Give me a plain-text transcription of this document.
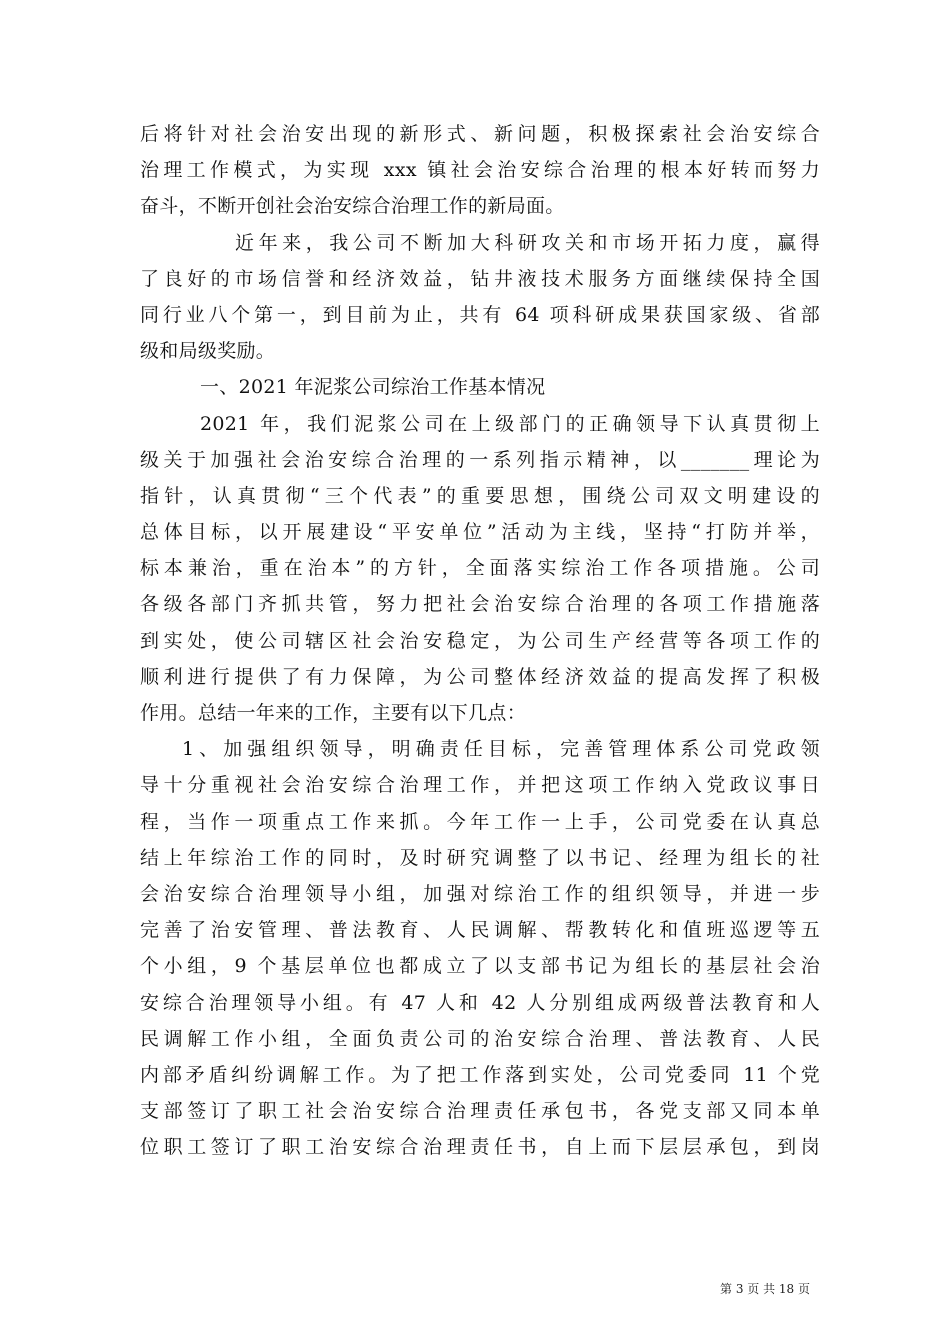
后将针对社会治安出现的新形式、新问题，积极探索社会治安综合
治理工作模式，为实现 xxx 镇社会治安综合治理的根本好转而努力
奋斗，不断开创社会治安综合治理工作的新局面。
近年来，我公司不断加大科研攻关和市场开拓力度，赢得
了良好的市场信誉和经济效益，钻井液技术服务方面继续保持全国
同行业八个第一，到目前为止，共有 64 项科研成果获国家级、省部
级和局级奖励。
一、2021 年泥浆公司综治工作基本情况
2021 年，我们泥浆公司在上级部门的正确领导下认真贯彻上
级关于加强社会治安综合治理的一系列指示精神，以_______理论为
指针，认真贯彻“三个代表”的重要思想，围绕公司双文明建设的
总体目标，以开展建设“平安单位”活动为主线，坚持“打防并举，
标本兼治，重在治本”的方针，全面落实综治工作各项措施。公司
各级各部门齐抓共管，努力把社会治安综合治理的各项工作措施落
到实处，使公司辖区社会治安稳定，为公司生产经营等各项工作的
顺利进行提供了有力保障，为公司整体经济效益的提高发挥了积极
作用。总结一年来的工作，主要有以下几点：
1、加强组织领导，明确责任目标，完善管理体系公司党政领
导十分重视社会治安综合治理工作，并把这项工作纳入党政议事日
程，当作一项重点工作来抓。今年工作一上手，公司党委在认真总
结上年综治工作的同时，及时研究调整了以书记、经理为组长的社
会治安综合治理领导小组，加强对综治工作的组织领导，并进一步
完善了治安管理、普法教育、人民调解、帮教转化和值班巡逻等五
个小组，9 个基层单位也都成立了以支部书记为组长的基层社会治
安综合治理领导小组。有 47 人和 42 人分别组成两级普法教育和人
民调解工作小组，全面负责公司的治安综合治理、普法教育、人民
内部矛盾纠纷调解工作。为了把工作落到实处，公司党委同 11 个党
支部签订了职工社会治安综合治理责任承包书，各党支部又同本单
位职工签订了职工治安综合治理责任书，自上而下层层承包，到岗
第 3 页 共 18 页
